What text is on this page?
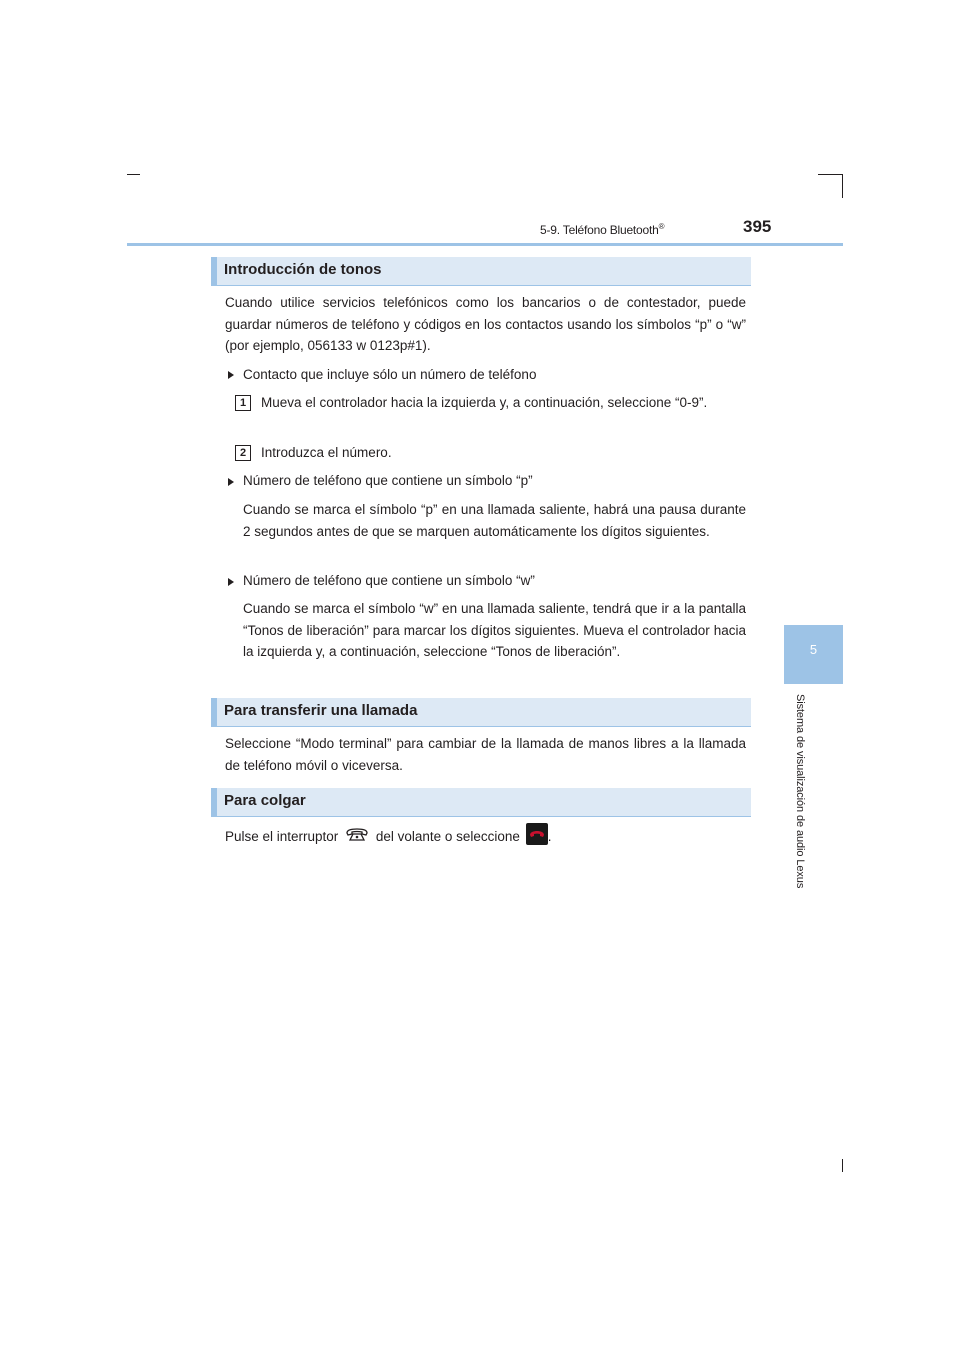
5-9. Teléfono Bluetooth®	395
5
Sistema de visualización de audio Lexus
Introducción de tonos
Cuando utilice servicios telefónicos como los bancarios o de contestador, puede guardar números de teléfono y códigos en los contactos usando los símbolos “p” o “w” (por ejemplo, 056133 w 0123p#1).
Contacto que incluye sólo un número de teléfono
1	Mueva el controlador hacia la izquierda y, a continuación, seleccione “0-9”.
2	Introduzca el número.
Número de teléfono que contiene un símbolo “p”
Cuando se marca el símbolo “p” en una llamada saliente, habrá una pausa durante 2 segundos antes de que se marquen automáticamente los dígitos siguientes.
Número de teléfono que contiene un símbolo “w”
Cuando se marca el símbolo “w” en una llamada saliente, tendrá que ir a la pantalla “Tonos de liberación” para marcar los dígitos siguientes. Mueva el controlador hacia la izquierda y, a continuación, seleccione “Tonos de liberación”.
Para transferir una llamada
Seleccione “Modo terminal” para cambiar de la llamada de manos libres a la llamada de teléfono móvil o viceversa.
Para colgar
Pulse el interruptor	del volante o seleccione .
